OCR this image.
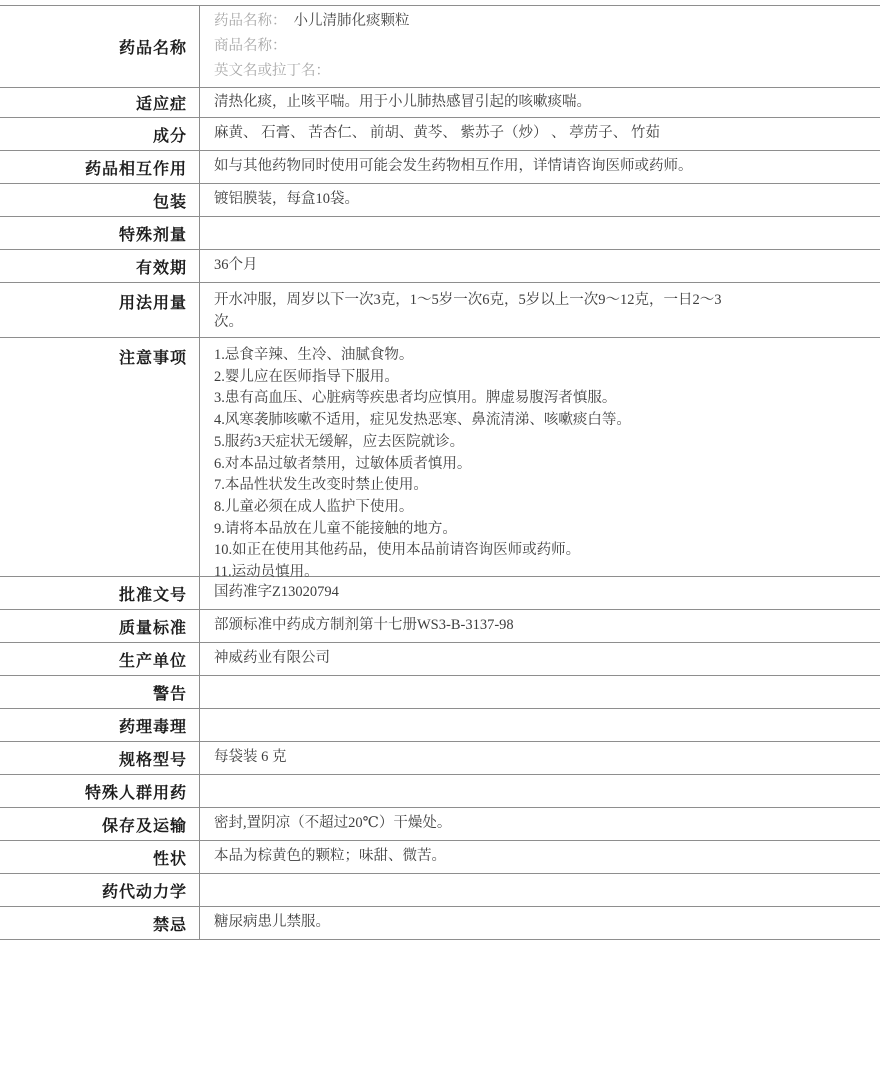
药品名称
药品名称： 小儿清肺化痰颗粒
商品名称：
英文名或拉丁名：
适应症	清热化痰，止咳平喘。用于小儿肺热感冒引起的咳嗽痰喘。
成分	麻黄、 石膏、 苦杏仁、 前胡、黄芩、 紫苏子（炒） 、 葶苈子、 竹茹
药品相互作用	如与其他药物同时使用可能会发生药物相互作用，详情请咨询医师或药师。
包装	镀铝膜装，每盒10袋。
特殊剂量
有效期	36个月
用法用量	开水冲服，周岁以下一次3克，1～5岁一次6克，5岁以上一次9～12克，一日2～3
次。
注意事项	1.忌食辛辣、生冷、油腻食物。
2.婴儿应在医师指导下服用。
3.患有高血压、心脏病等疾患者均应慎用。脾虚易腹泻者慎服。
4.风寒袭肺咳嗽不适用，症见发热恶寒、鼻流清涕、咳嗽痰白等。
5.服药3天症状无缓解，应去医院就诊。
6.对本品过敏者禁用，过敏体质者慎用。
7.本品性状发生改变时禁止使用。
8.儿童必须在成人监护下使用。
9.请将本品放在儿童不能接触的地方。
10.如正在使用其他药品，使用本品前请咨询医师或药师。
11.运动员慎用。
批准文号	国药准字Z13020794
质量标准	部颁标准中药成方制剂第十七册WS3-B-3137-98
生产单位	神威药业有限公司
警告
药理毒理
规格型号	每袋装 6 克
特殊人群用药
保存及运输	密封,置阴凉（不超过20℃）干燥处。
性状	本品为棕黄色的颗粒；味甜、微苦。
药代动力学
禁忌	糖尿病患儿禁服。
